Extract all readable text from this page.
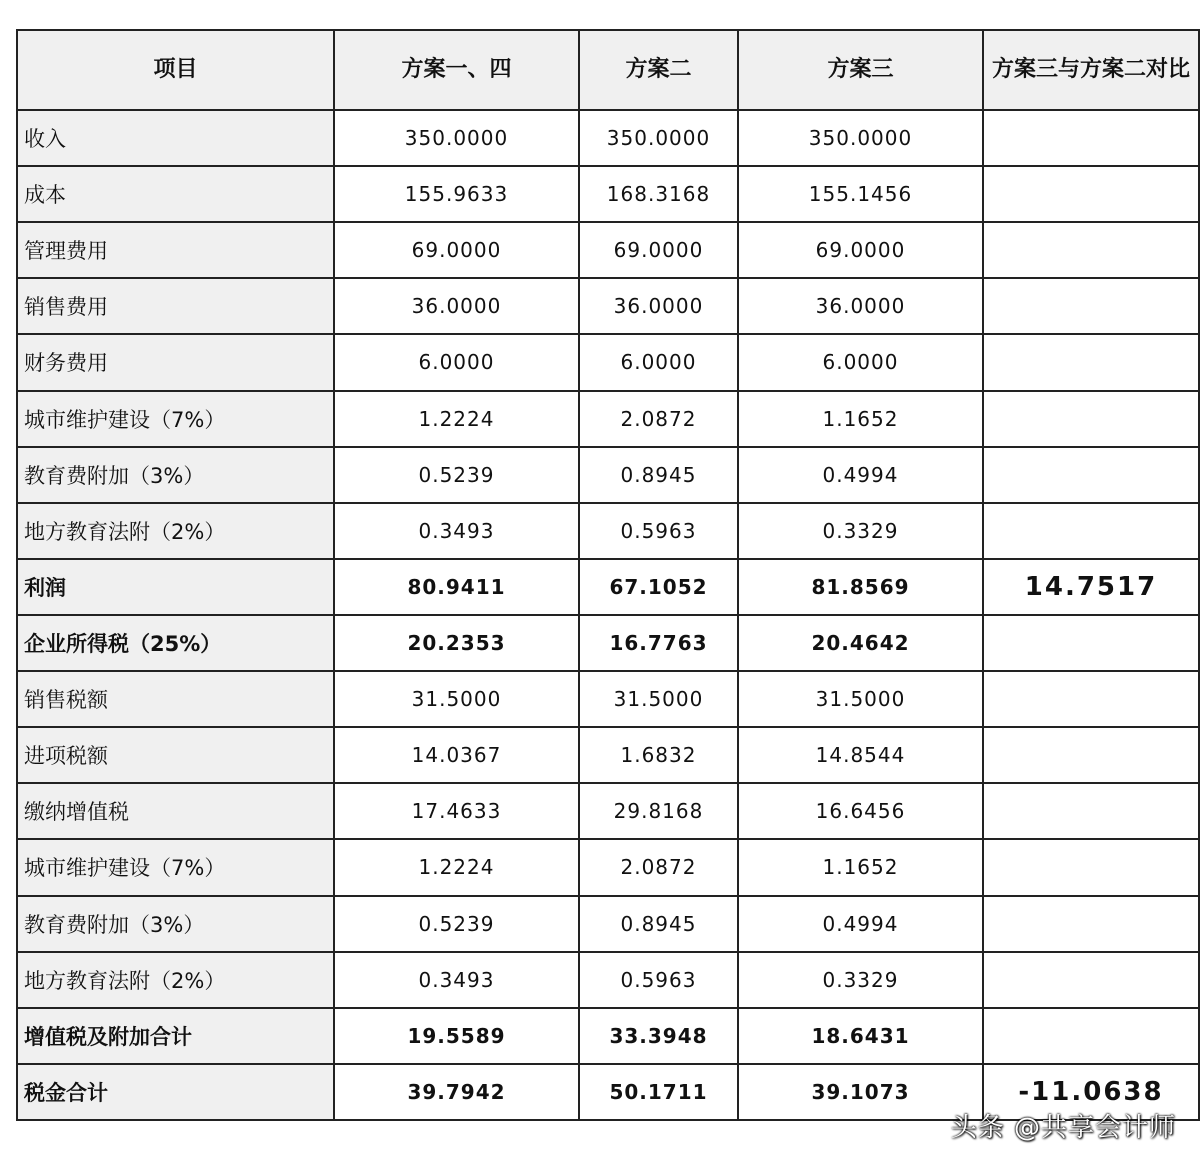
项目	方案一、四	方案二	方案三	方案三与方案二对比
收入	350.0000	350.0000	350.0000	
成本	155.9633	168.3168	155.1456	
管理费用	69.0000	69.0000	69.0000	
销售费用	36.0000	36.0000	36.0000	
财务费用	6.0000	6.0000	6.0000	
城市维护建设（7%）	1.2224	2.0872	1.1652	
教育费附加（3%）	0.5239	0.8945	0.4994	
地方教育法附（2%）	0.3493	0.5963	0.3329	
利润	80.9411	67.1052	81.8569	14.7517
企业所得税（25%）	20.2353	16.7763	20.4642	
销售税额	31.5000	31.5000	31.5000	
进项税额	14.0367	1.6832	14.8544	
缴纳增值税	17.4633	29.8168	16.6456	
城市维护建设（7%）	1.2224	2.0872	1.1652	
教育费附加（3%）	0.5239	0.8945	0.4994	
地方教育法附（2%）	0.3493	0.5963	0.3329	
增值税及附加合计	19.5589	33.3948	18.6431	
税金合计	39.7942	50.1711	39.1073	-11.0638
头条 @共享会计师
